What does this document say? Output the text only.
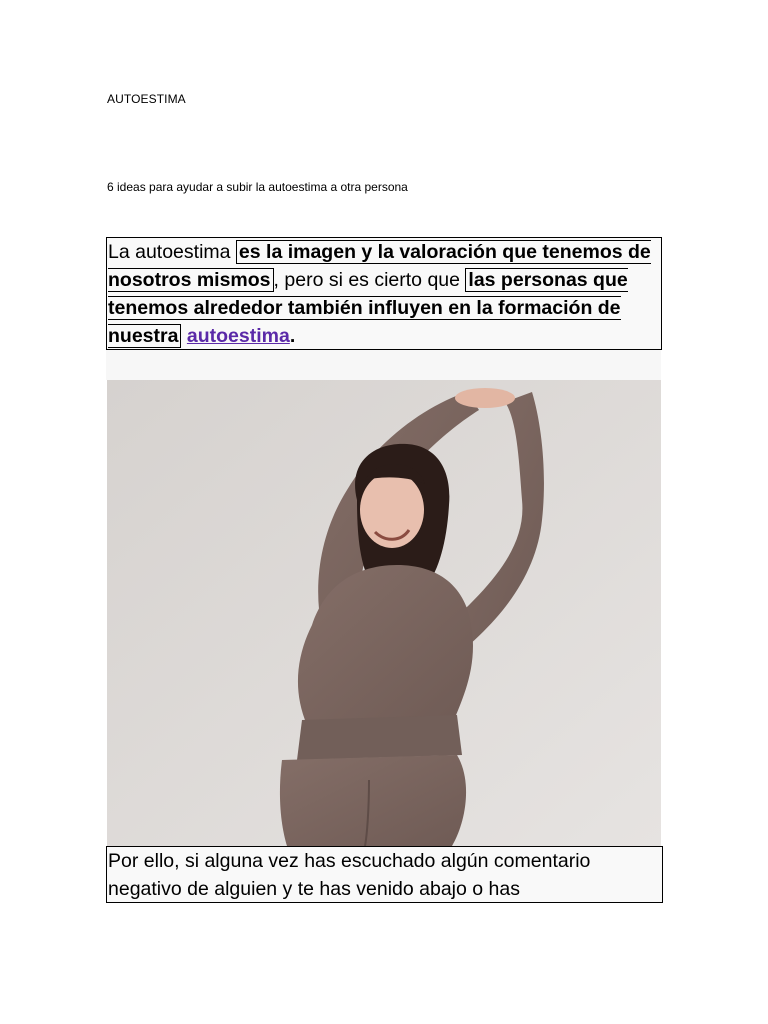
AUTOESTIMA
6 ideas para ayudar a subir la autoestima a otra persona
La autoestima es la imagen y la valoración que tenemos de nosotros mismos , pero si es cierto que las personas que tenemos alrededor también influyen en la formación de nuestra autoestima.
Por ello, si alguna vez has escuchado algún comentario negativo de alguien y te has venido abajo o has
